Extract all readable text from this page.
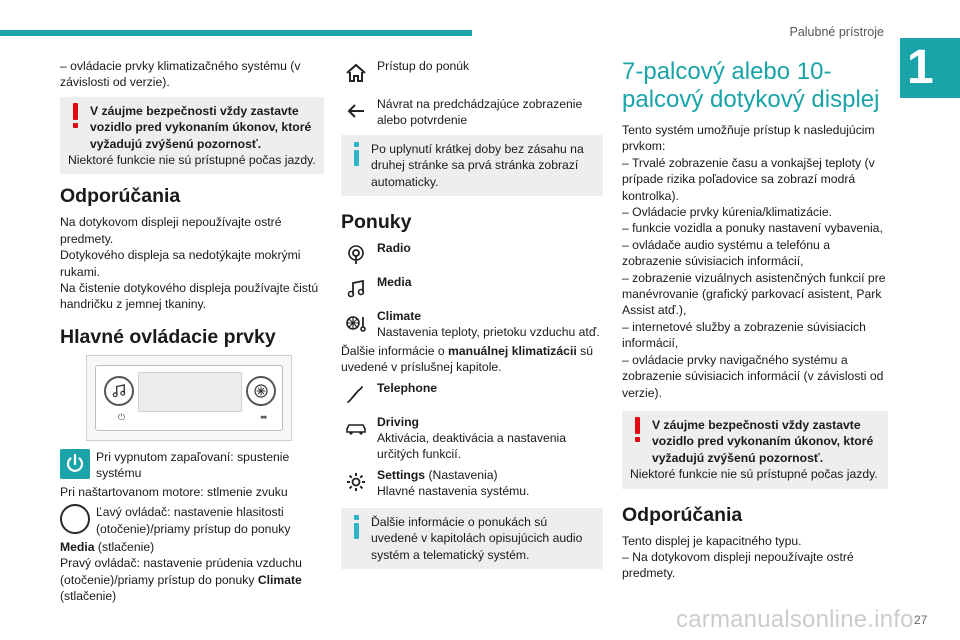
Palubné prístroje
1
27
carmanualsonline.info

– ovládacie prvky klimatizačného systému (v závislosti od verzie).

V záujme bezpečnosti vždy zastavte vozidlo pred vykonaním úkonov, ktoré vyžadujú zvýšenú pozornosť.

Niektoré funkcie nie sú prístupné počas jazdy.

Odporúčania

Na dotykovom displeji nepoužívajte ostré predmety.

Dotykového displeja sa nedotýkajte mokrými rukami.

Na čistenie dotykového displeja používajte čistú handričku z jemnej tkaniny.

Hlavné ovládacie prvky
⏻	⬌

Pri vypnutom zapaľovaní: spustenie systému

Pri naštartovanom motore: stlmenie zvuku

Ľavý ovládač: nastavenie hlasitosti (otočenie)/priamy prístup do ponuky

Media (stlačenie)

Pravý ovládač: nastavenie prúdenia vzduchu (otočenie)/priamy prístup do ponuky Climate

(stlačenie)

Prístup do ponúk

Návrat na predchádzajúce zobrazenie alebo potvrdenie

Po uplynutí krátkej doby bez zásahu na druhej stránke sa prvá stránka zobrazí automaticky.

Ponuky

Radio

Media

Climate

Nastavenia teploty, prietoku vzduchu atď.

Ďalšie informácie o manuálnej klimatizácii sú uvedené v príslušnej kapitole.

Telephone

Driving

Aktivácia, deaktivácia a nastavenia určitých funkcií.

Settings (Nastavenia)

Hlavné nastavenia systému.

Ďalšie informácie o ponukách sú uvedené v kapitolách opisujúcich audio systém a telematický systém.

7-palcový alebo 10-palcový dotykový displej

Tento systém umožňuje prístup k nasledujúcim prvkom:

– Trvalé zobrazenie času a vonkajšej teploty (v prípade rizika poľadovice sa zobrazí modrá kontrolka).

– Ovládacie prvky kúrenia/klimatizácie.

– funkcie vozidla a ponuky nastavení vybavenia,

– ovládače audio systému a telefónu a zobrazenie súvisiacich informácií,

– zobrazenie vizuálnych asistenčných funkcií pre manévrovanie (grafický parkovací asistent, Park Assist atď.),

– internetové služby a zobrazenie súvisiacich informácií,

– ovládacie prvky navigačného systému a zobrazenie súvisiacich informácií (v závislosti od verzie).

V záujme bezpečnosti vždy zastavte vozidlo pred vykonaním úkonov, ktoré vyžadujú zvýšenú pozornosť.

Niektoré funkcie nie sú prístupné počas jazdy.

Odporúčania

Tento displej je kapacitného typu.

– Na dotykovom displeji nepoužívajte ostré predmety.
